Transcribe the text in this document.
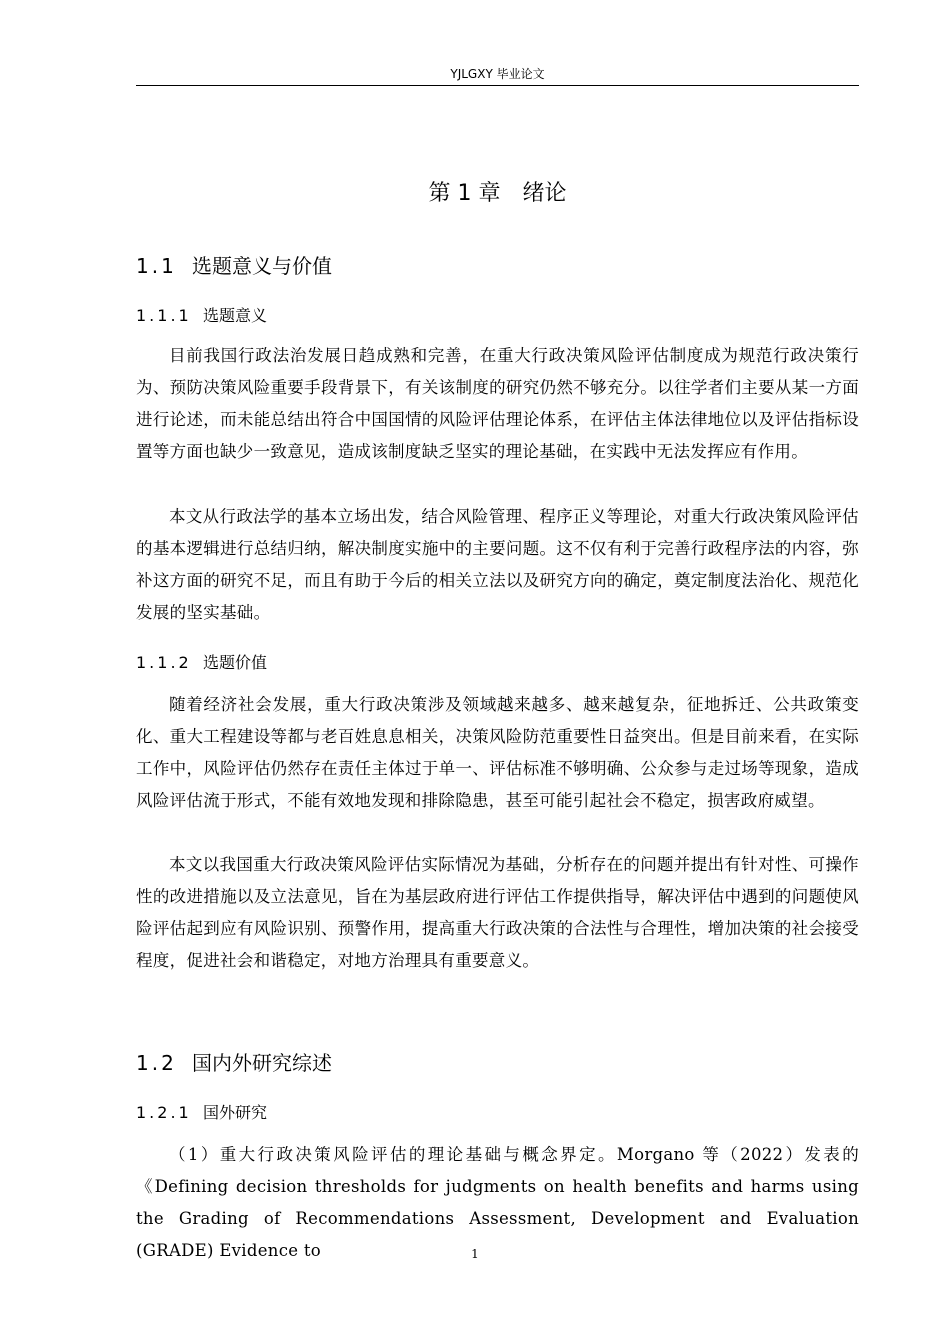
YJLGXY 毕业论文
第 1 章 绪论
1.1 选题意义与价值
1.1.1 选题意义

目前我国行政法治发展日趋成熟和完善，在重大行政决策风险评估制度成为规范行政决策行为、预防决策风险重要手段背景下，有关该制度的研究仍然不够充分。以往学者们主要从某一方面进行论述，而未能总结出符合中国国情的风险评估理论体系，在评估主体法律地位以及评估指标设置等方面也缺少一致意见，造成该制度缺乏坚实的理论基础，在实践中无法发挥应有作用。

本文从行政法学的基本立场出发，结合风险管理、程序正义等理论，对重大行政决策风险评估的基本逻辑进行总结归纳，解决制度实施中的主要问题。这不仅有利于完善行政程序法的内容，弥补这方面的研究不足，而且有助于今后的相关立法以及研究方向的确定，奠定制度法治化、规范化发展的坚实基础。

1.1.2 选题价值

随着经济社会发展，重大行政决策涉及领域越来越多、越来越复杂，征地拆迁、公共政策变化、重大工程建设等都与老百姓息息相关，决策风险防范重要性日益突出。但是目前来看，在实际工作中，风险评估仍然存在责任主体过于单一、评估标准不够明确、公众参与走过场等现象，造成风险评估流于形式，不能有效地发现和排除隐患，甚至可能引起社会不稳定，损害政府威望。

本文以我国重大行政决策风险评估实际情况为基础，分析存在的问题并提出有针对性、可操作性的改进措施以及立法意见，旨在为基层政府进行评估工作提供指导，解决评估中遇到的问题使风险评估起到应有风险识别、预警作用，提高重大行政决策的合法性与合理性，增加决策的社会接受程度，促进社会和谐稳定，对地方治理具有重要意义。

1.2 国内外研究综述
1.2.1 国外研究

（1）重大行政决策风险评估的理论基础与概念界定。Morgano 等（2022）发表的《Defining decision thresholds for judgments on health benefits and harms using the Grading of Recommendations Assessment, Development and Evaluation (GRADE) Evidence to	1
